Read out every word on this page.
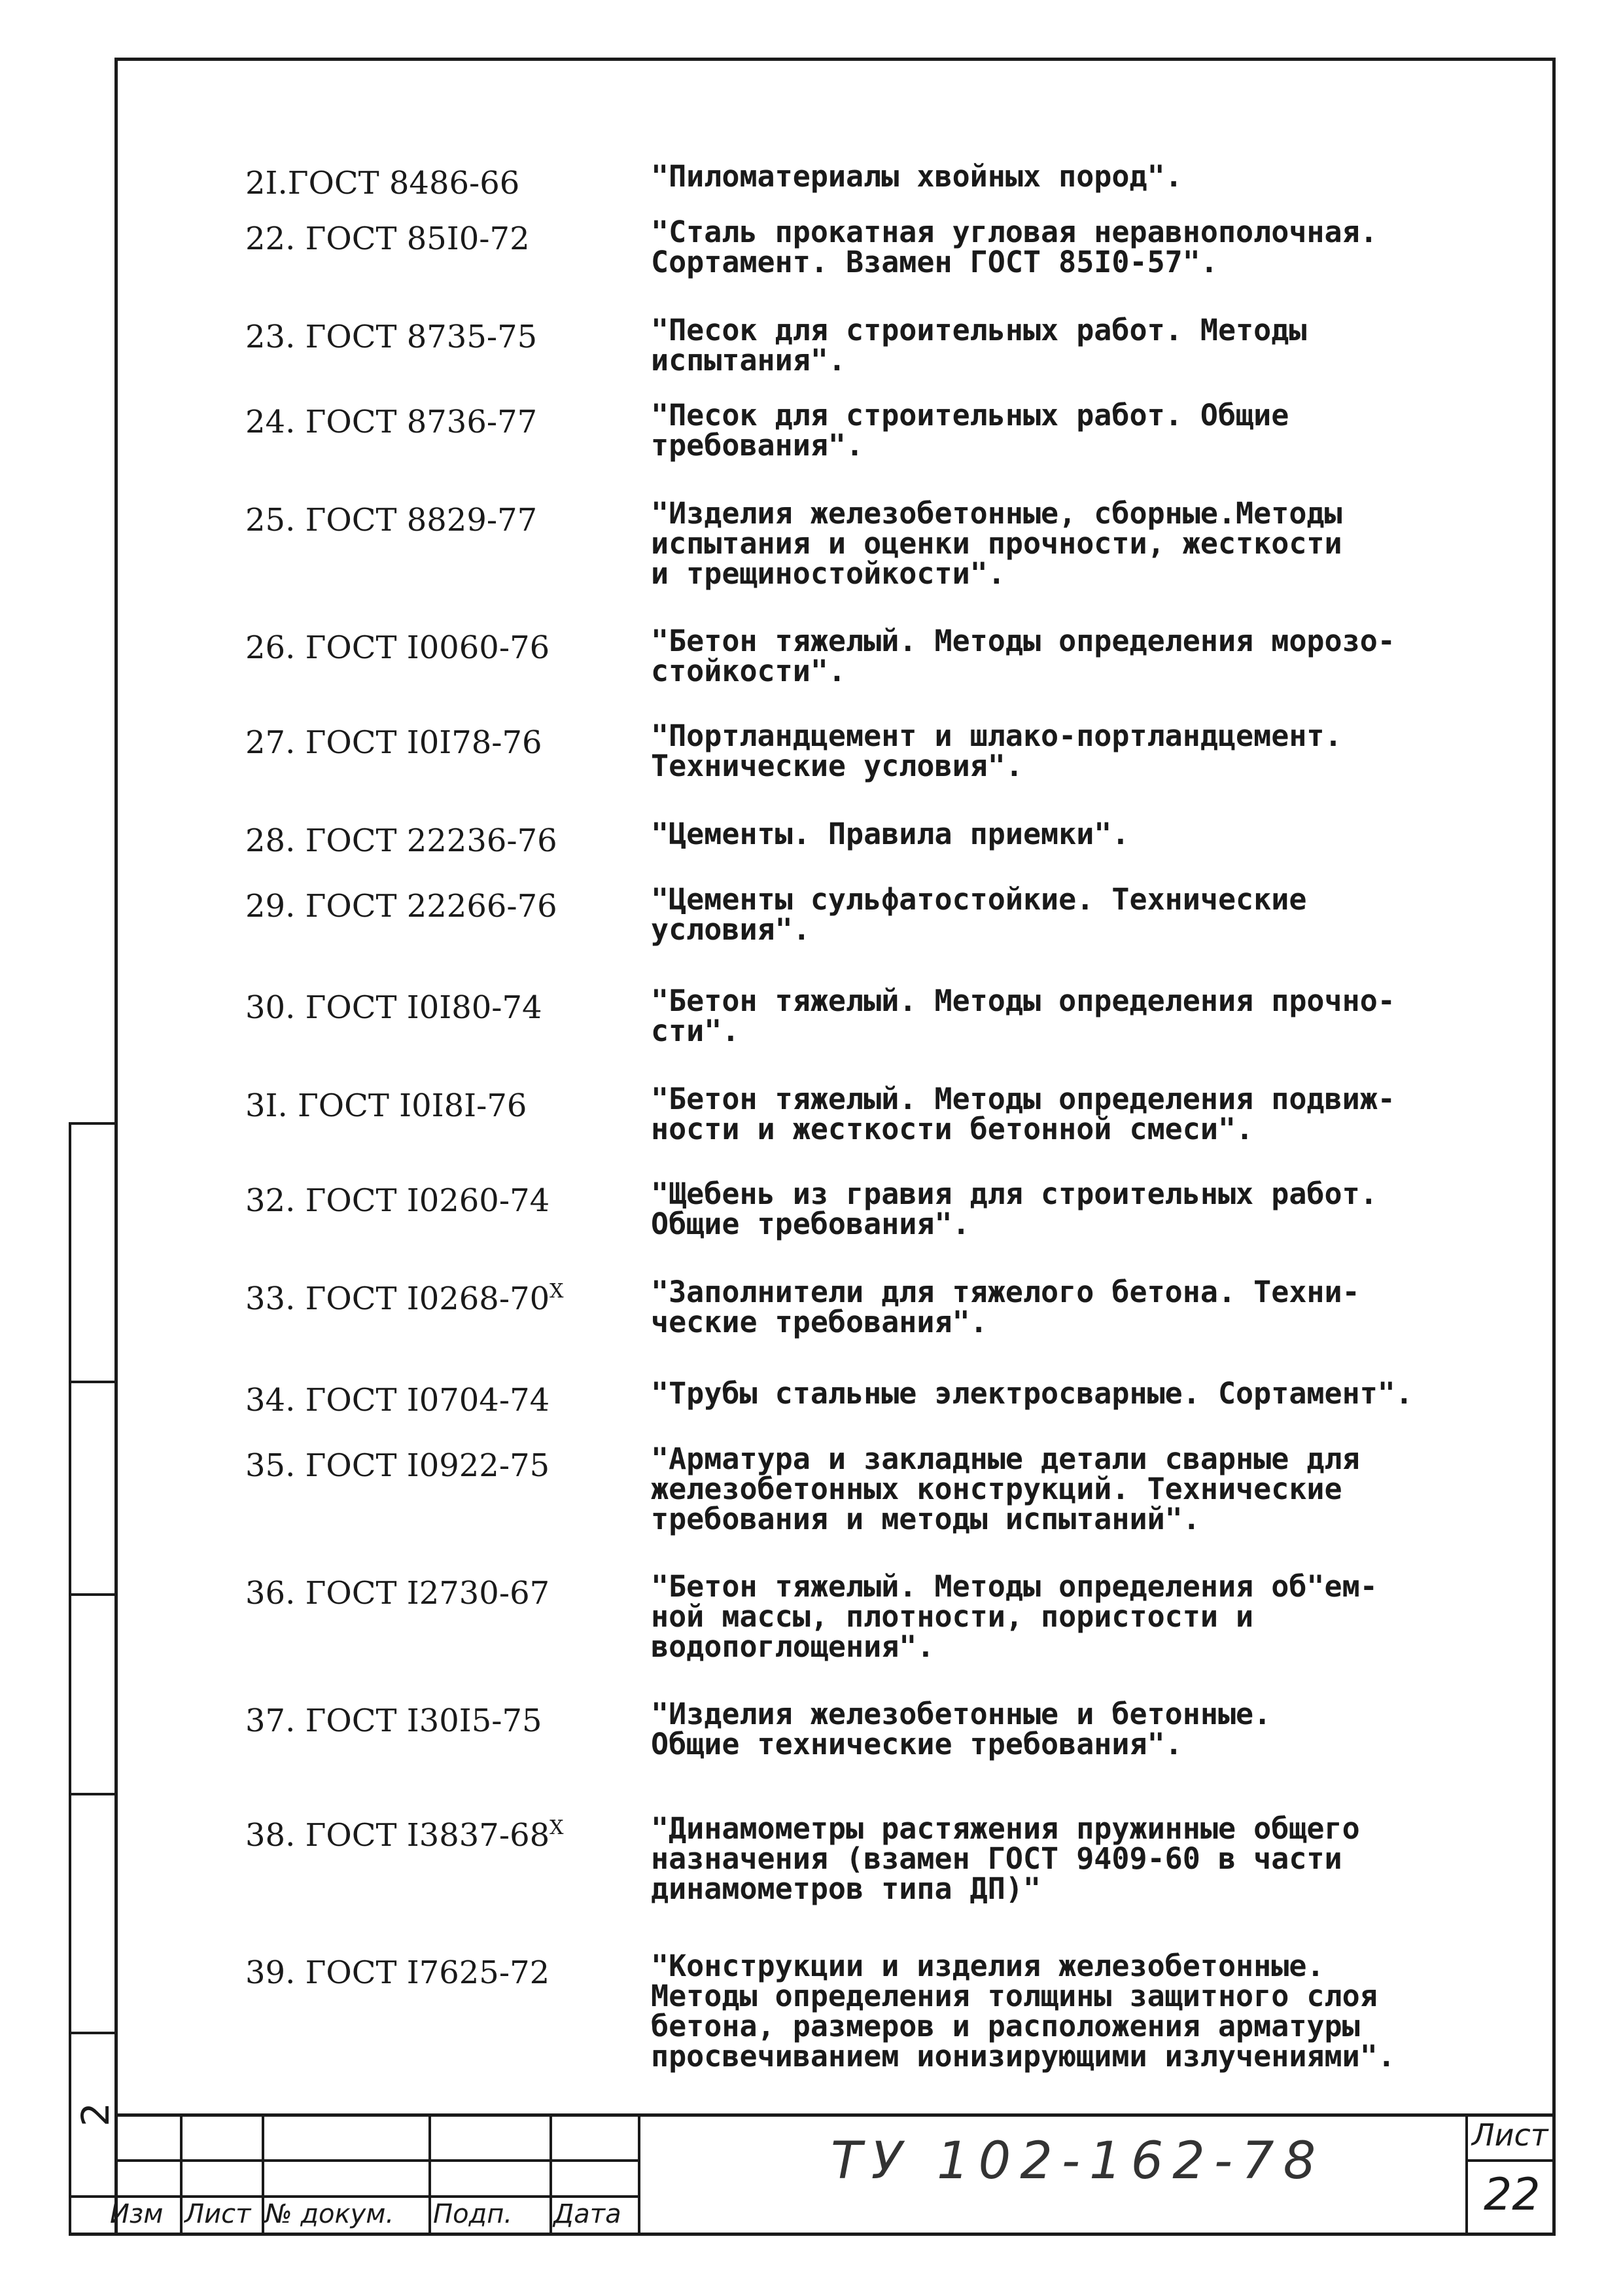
2I.ГОСТ 8486-66	"Пиломатериалы хвойных пород".
22. ГОСТ 85I0-72	"Сталь прокатная угловая неравнополочная.
Сортамент. Взамен ГОСТ 85I0-57".
23. ГОСТ 8735-75	"Песок для строительных работ. Методы
испытания".
24. ГОСТ 8736-77	"Песок для строительных работ. Общие
требования".
25. ГОСТ 8829-77	"Изделия железобетонные, сборные.Методы
испытания и оценки прочности, жесткости
и трещиностойкости".
26. ГОСТ I0060-76	"Бетон тяжелый. Методы определения морозо-
стойкости".
27. ГОСТ I0I78-76	"Портландцемент и шлако-портландцемент.
Технические условия".
28. ГОСТ 22236-76	"Цементы. Правила приемки".
29. ГОСТ 22266-76	"Цементы сульфатостойкие. Технические
условия".
30. ГОСТ I0I80-74	"Бетон тяжелый. Методы определения прочно-
сти".
3I. ГОСТ I0I8I-76	"Бетон тяжелый. Методы определения подвиж-
ности и жесткости бетонной смеси".
32. ГОСТ I0260-74	"Щебень из гравия для строительных работ.
Общие требования".
33. ГОСТ $I0268-70^X$	"Заполнители для тяжелого бетона. Техни-
ческие требования".
34. ГОСТ I0704-74	"Трубы стальные электросварные. Сортамент".
35. ГОСТ I0922-75	"Арматура и закладные детали сварные для
железобетонных конструкций. Технические
требования и методы испытаний".
36. ГОСТ I2730-67	"Бетон тяжелый. Методы определения об"ем-
ной массы, плотности, пористости и
водопоглощения".
37. ГОСТ I30I5-75	"Изделия железобетонные и бетонные.
Общие технические требования".
38. ГОСТ $I3837-68^X$	"Динамометры растяжения пружинные общего
назначения (взамен ГОСТ 9409-60 в части
динамометров типа ДП)"
39. ГОСТ I7625-72	"Конструкции и изделия железобетонные.
Методы определения толщины защитного слоя
бетона, размеров и расположения арматуры
просвечиванием ионизирующими излучениями".
Изм Лист № докум. Подп. Дата
ТУ 102-162-78	Лист
22
2
